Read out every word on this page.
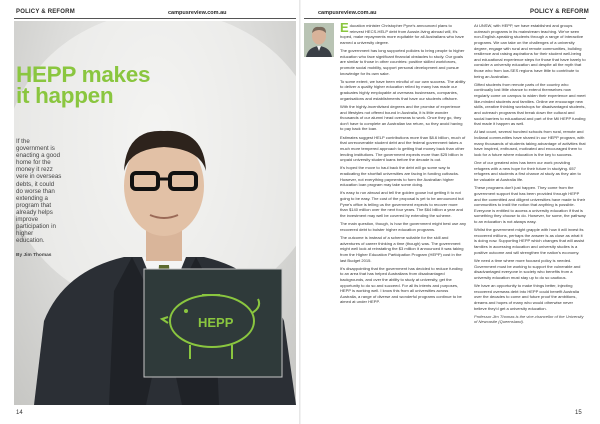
POLICY & REFORM	campusreview.com.au	campusreview.com.au	POLICY & REFORM
HEPP
HEPP makes
it happen
If the government is enacting a good home for the money it rezz vere in overseas debts, it could do worse than extending a program that already helps improve participation in higher education.
By Jim Thomas

Education minister Christopher Pyne's announced plans to reinvest HECS-HELP debt from Aussie-living abroad will, it's hoped, make repayments more equitable for all Australians who have earned a university degree.

The government has long supported policies to bring people to higher education who face significant financial obstacles to study. Our goals are similar to those in other countries: positive skilled workforces, promote social mobility, support personal development and pursue knowledge for its own sake.

To some extent, we have been mindful of our own success. The ability to deliver a quality higher education relied by many has made our graduates highly employable at overseas businesses, companies, organisations and establishments that have our students offshore.

With the highly-incentivised degrees and the promise of experience and lifestyles not offered bound in Australia, it is little wonder thousands of our alumni head overseas to work. Once they go, they don't have to complete an Australian tax return, so they avoid having to pay back the loan.

Estimates suggest HELP contributions more than $8.6 billion, much of that unrecoverable student debt and the federal government takes a much more tempered approach to getting that money back than other lending institutions. The government expects more than $25 billion in unpaid university student loans before the decade is out.

It's hoped the move to haul back the debt will go some way to eradicating the shortfall universities are facing in funding cutbacks. However, not everything payments to form the Australian higher education loan program may take some doing.

It's easy to run abroad and tell the golden goose but getting it to not going to be easy. The cost of the proposal is yet to be announced but Pyne's office is telling us the government expects to recover more than $140 million over the next four years. The $64 billion a year and the investment may well be covered by extending the scheme.

The main question, though, is how the government might best use any recovered debt to bolster higher education programs.

The outcome is instead of a scheme suitable for the skill and adventures of career thinking a time (though) was. The government might well look at reinstating the $3 million it announced it was taking from the Higher Education Participation Program (HEPP) cost in the last Budget 2015.

It's disappointing that the government has decided to reduce funding to an area that has helped Australians from disadvantaged backgrounds, and over the ability to study at university, get the opportunity to do so and succeed. For all its intents and purposes, HEPP is working well. I know this from all universities across Australia, a range of diverse and wonderful programs continue to be aimed at under HEPP.

At UNSW, with HEPP, we have established and groups outreach programs in its mainstream teaching. We've seen non-English-speaking students through a range of interactive programs. We can take on the challenges of a university degree, engage with rural and remote communities, building resilience and raising aspirations for their student well-being and educational experience steps for those that have barely to consider a university education and despite all the myth that those who from low-SES regions have little to contribute to being an Australian.

Gifted students from remote parts of the country who continually lost little chance to extend themselves now regularly come on campus to widen their experience and meet like-minded students and families. Online we encourage new skills, creative thinking workshops for disadvantaged students, and outreach programs that break down the cultural and social barriers to educational and part of the Mil HEPP funding that made it happen as well.

At last count, several hundred schools from rural, remote and Indianal communities have shared in our HEPP program, with many thousands of students taking advantage of activities that have inspired, enthused, motivated and encouraged them to look for a future where education is the key to success.

One of our greatest wins has been our work providing refugees with a new hope for their future in studying. 657 refugees and students a first chance at study as they aim to be valuable at Australia life.

These programs don't just happen. They come from the government support that has been provided through HEPP and the committed and diligent universities have made to their communities to instil the notion that anything is possible. Everyone is entitled to access a university education if that is something they choose to do. However, for some, the pathway to an education is not always easy.

Whilst the government might grapple with how it will invest its recovered millions, perhaps the answer is as close as what it is doing now. Supporting HEPP which changes that will assist families in accessing education and university studies is a positive outcome and will strengthen the nation's economy.

We need a time where more focused policy is needed. Government must be working to support the vulnerable and disadvantaged everyone in society who benefits from a university education must stay up to do so cautious.

We have an opportunity to make things better, injecting recovered overseas debt into HEPP could benefit Australia over the decades to come and future proof the ambitions, dreams and hopes of many who would otherwise never believe they'd get a university education.

Professor Jim Thomas is the vice-chancellor of the University of Newcastle (Queensland).

14	15
